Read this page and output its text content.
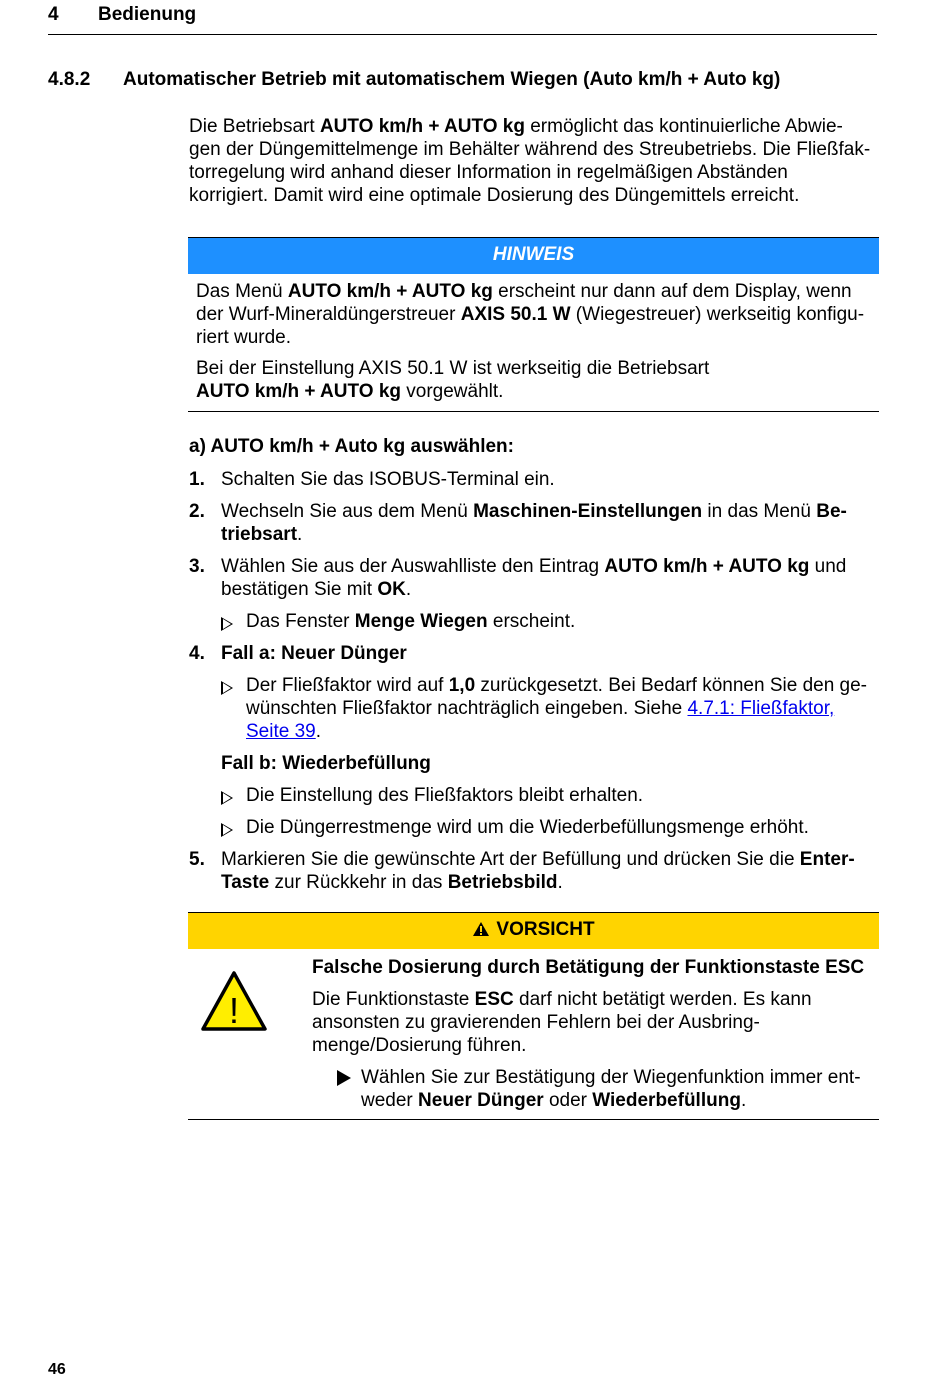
4 Bedienung
4.8.2 Automatischer Betrieb mit automatischem Wiegen (Auto km/h + Auto kg)
Die Betriebsart AUTO km/h + AUTO kg ermöglicht das kontinuierliche Abwie-
gen der Düngemittelmenge im Behälter während des Streubetriebs. Die Fließfak-
torregelung wird anhand dieser Information in regelmäßigen Abständen
korrigiert. Damit wird eine optimale Dosierung des Düngemittels erreicht.
HINWEIS
Das Menü AUTO km/h + AUTO kg erscheint nur dann auf dem Display, wenn
der Wurf-Mineraldüngerstreuer AXIS 50.1 W (Wiegestreuer) werkseitig konfigu-
riert wurde.
Bei der Einstellung AXIS 50.1 W ist werkseitig die Betriebsart
AUTO km/h + AUTO kg vorgewählt.
a) AUTO km/h + Auto kg auswählen:
1. Schalten Sie das ISOBUS-Terminal ein.
2. Wechseln Sie aus dem Menü Maschinen-Einstellungen in das Menü Be-
triebsart.
3. Wählen Sie aus der Auswahlliste den Eintrag AUTO km/h + AUTO kg und
bestätigen Sie mit OK.
Das Fenster Menge Wiegen erscheint.
4. Fall a: Neuer Dünger
Der Fließfaktor wird auf 1,0 zurückgesetzt. Bei Bedarf können Sie den ge-
wünschten Fließfaktor nachträglich eingeben. Siehe 4.7.1: Fließfaktor,
Seite 39.
Fall b: Wiederbefüllung
Die Einstellung des Fließfaktors bleibt erhalten.
Die Düngerrestmenge wird um die Wiederbefüllungsmenge erhöht.
5. Markieren Sie die gewünschte Art der Befüllung und drücken Sie die Enter-
Taste zur Rückkehr in das Betriebsbild.
VORSICHT
!
Falsche Dosierung durch Betätigung der Funktionstaste ESC
Die Funktionstaste ESC darf nicht betätigt werden. Es kann
ansonsten zu gravierenden Fehlern bei der Ausbring-
menge/Dosierung führen.
Wählen Sie zur Bestätigung der Wiegenfunktion immer ent-
weder Neuer Dünger oder Wiederbefüllung.
46
